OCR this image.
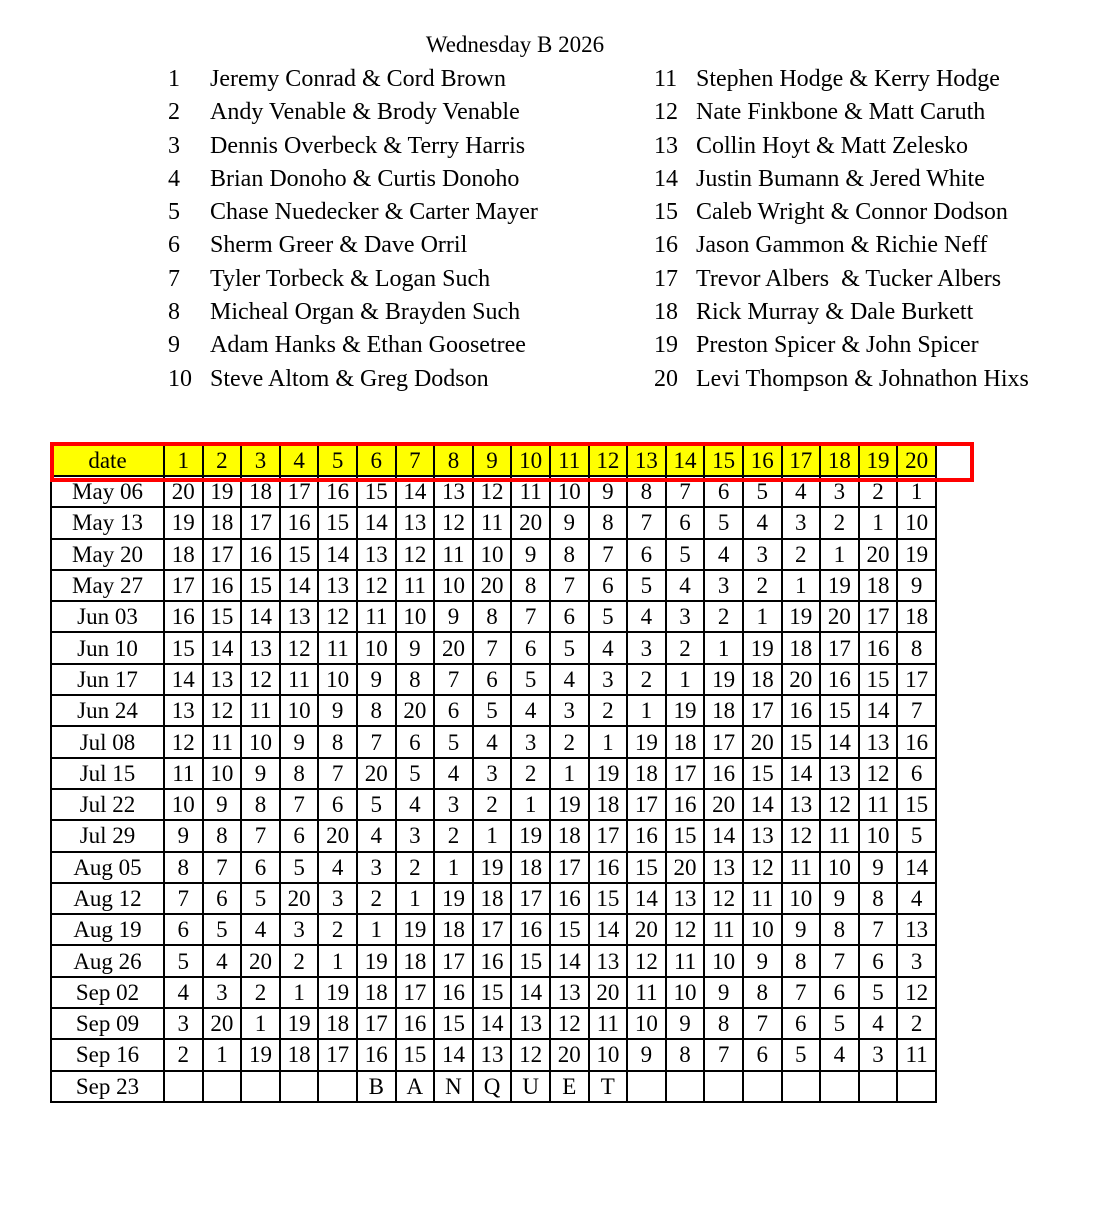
Wednesday B 2026
1 Jeremy Conrad & Cord Brown
2 Andy Venable & Brody Venable
3 Dennis Overbeck & Terry Harris
4 Brian Donoho & Curtis Donoho
5 Chase Nuedecker & Carter Mayer
6 Sherm Greer & Dave Orril
7 Tyler Torbeck & Logan Such
8 Micheal Organ & Brayden Such
9 Adam Hanks & Ethan Goosetree
10 Steve Altom & Greg Dodson
11 Stephen Hodge & Kerry Hodge
12 Nate Finkbone & Matt Caruth
13 Collin Hoyt & Matt Zelesko
14 Justin Bumann & Jered White
15 Caleb Wright & Connor Dodson
16 Jason Gammon & Richie Neff
17 Trevor Albers  & Tucker Albers
18 Rick Murray & Dale Burkett
19 Preston Spicer & John Spicer
20 Levi Thompson & Johnathon Hixs
date	1	2	3	4	5	6	7	8	9	10	11	12	13	14	15	16	17	18	19	20
May 06	20	19	18	17	16	15	14	13	12	11	10	9	8	7	6	5	4	3	2	1
May 13	19	18	17	16	15	14	13	12	11	20	9	8	7	6	5	4	3	2	1	10
May 20	18	17	16	15	14	13	12	11	10	9	8	7	6	5	4	3	2	1	20	19
May 27	17	16	15	14	13	12	11	10	20	8	7	6	5	4	3	2	1	19	18	9
Jun 03	16	15	14	13	12	11	10	9	8	7	6	5	4	3	2	1	19	20	17	18
Jun 10	15	14	13	12	11	10	9	20	7	6	5	4	3	2	1	19	18	17	16	8
Jun 17	14	13	12	11	10	9	8	7	6	5	4	3	2	1	19	18	20	16	15	17
Jun 24	13	12	11	10	9	8	20	6	5	4	3	2	1	19	18	17	16	15	14	7
Jul 08	12	11	10	9	8	7	6	5	4	3	2	1	19	18	17	20	15	14	13	16
Jul 15	11	10	9	8	7	20	5	4	3	2	1	19	18	17	16	15	14	13	12	6
Jul 22	10	9	8	7	6	5	4	3	2	1	19	18	17	16	20	14	13	12	11	15
Jul 29	9	8	7	6	20	4	3	2	1	19	18	17	16	15	14	13	12	11	10	5
Aug 05	8	7	6	5	4	3	2	1	19	18	17	16	15	20	13	12	11	10	9	14
Aug 12	7	6	5	20	3	2	1	19	18	17	16	15	14	13	12	11	10	9	8	4
Aug 19	6	5	4	3	2	1	19	18	17	16	15	14	20	12	11	10	9	8	7	13
Aug 26	5	4	20	2	1	19	18	17	16	15	14	13	12	11	10	9	8	7	6	3
Sep 02	4	3	2	1	19	18	17	16	15	14	13	20	11	10	9	8	7	6	5	12
Sep 09	3	20	1	19	18	17	16	15	14	13	12	11	10	9	8	7	6	5	4	2
Sep 16	2	1	19	18	17	16	15	14	13	12	20	10	9	8	7	6	5	4	3	11
Sep 23						B	A	N	Q	U	E	T								
